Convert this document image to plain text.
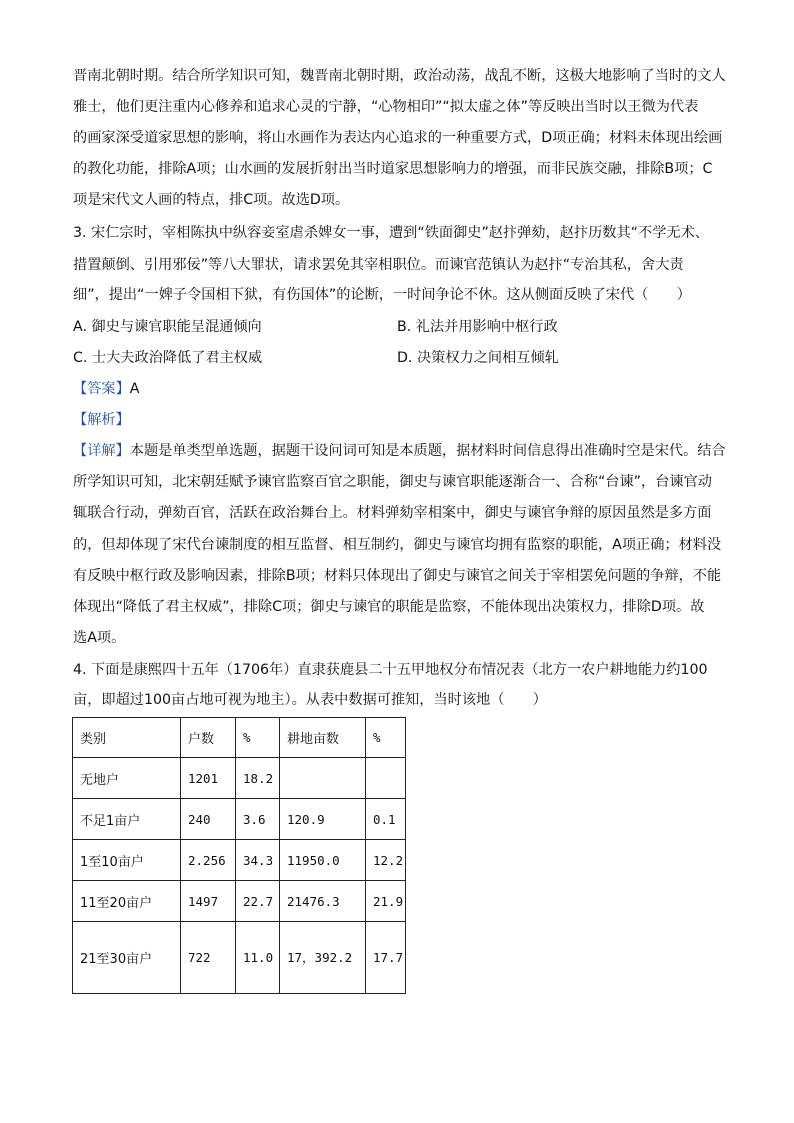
晋南北朝时期。结合所学知识可知，魏晋南北朝时期，政治动荡，战乱不断，这极大地影响了当时的文人
雅士，他们更注重内心修养和追求心灵的宁静，“心物相印”“拟太虚之体”等反映出当时以王微为代表
的画家深受道家思想的影响，将山水画作为表达内心追求的一种重要方式，D项正确；材料未体现出绘画
的教化功能，排除A项；山水画的发展折射出当时道家思想影响力的增强，而非民族交融，排除B项；C
项是宋代文人画的特点，排C项。故选D项。
3. 宋仁宗时，宰相陈执中纵容妾室虐杀婢女一事，遭到“铁面御史”赵抃弹劾，赵抃历数其“不学无术、
措置颠倒、引用邪佞”等八大罪状，请求罢免其宰相职位。而谏官范镇认为赵抃“专治其私，舍大责
细”，提出“一婢子令国相下狱，有伤国体”的论断，一时间争论不休。这从侧面反映了宋代（　　）
A. 御史与谏官职能呈混通倾向	B. 礼法并用影响中枢行政
C. 士大夫政治降低了君主权威	D. 决策权力之间相互倾轧
【答案】A
【解析】
【详解】本题是单类型单选题，据题干设问词可知是本质题，据材料时间信息得出准确时空是宋代。结合
所学知识可知，北宋朝廷赋予谏官监察百官之职能，御史与谏官职能逐渐合一、合称“台谏”，台谏官动
辄联合行动，弹劾百官，活跃在政治舞台上。材料弹劾宰相案中，御史与谏官争辩的原因虽然是多方面
的，但却体现了宋代台谏制度的相互监督、相互制约，御史与谏官均拥有监察的职能，A项正确；材料没
有反映中枢行政及影响因素，排除B项；材料只体现出了御史与谏官之间关于宰相罢免问题的争辩，不能
体现出“降低了君主权威”，排除C项；御史与谏官的职能是监察，不能体现出决策权力，排除D项。故
选A项。
4. 下面是康熙四十五年（1706年）直隶获鹿县二十五甲地权分布情况表（北方一农户耕地能力约100
亩，即超过100亩占地可视为地主）。从表中数据可推知，当时该地（　　）
类别	户数	%	耕地亩数	%
无地户	1201	18.2		
不足1亩户	240	3.6	120.9	0.1
1至10亩户	2.256	34.3	11950.0	12.2
11至20亩户	1497	22.7	21476.3	21.9
21至30亩户	722	11.0	17，392.2	17.7
